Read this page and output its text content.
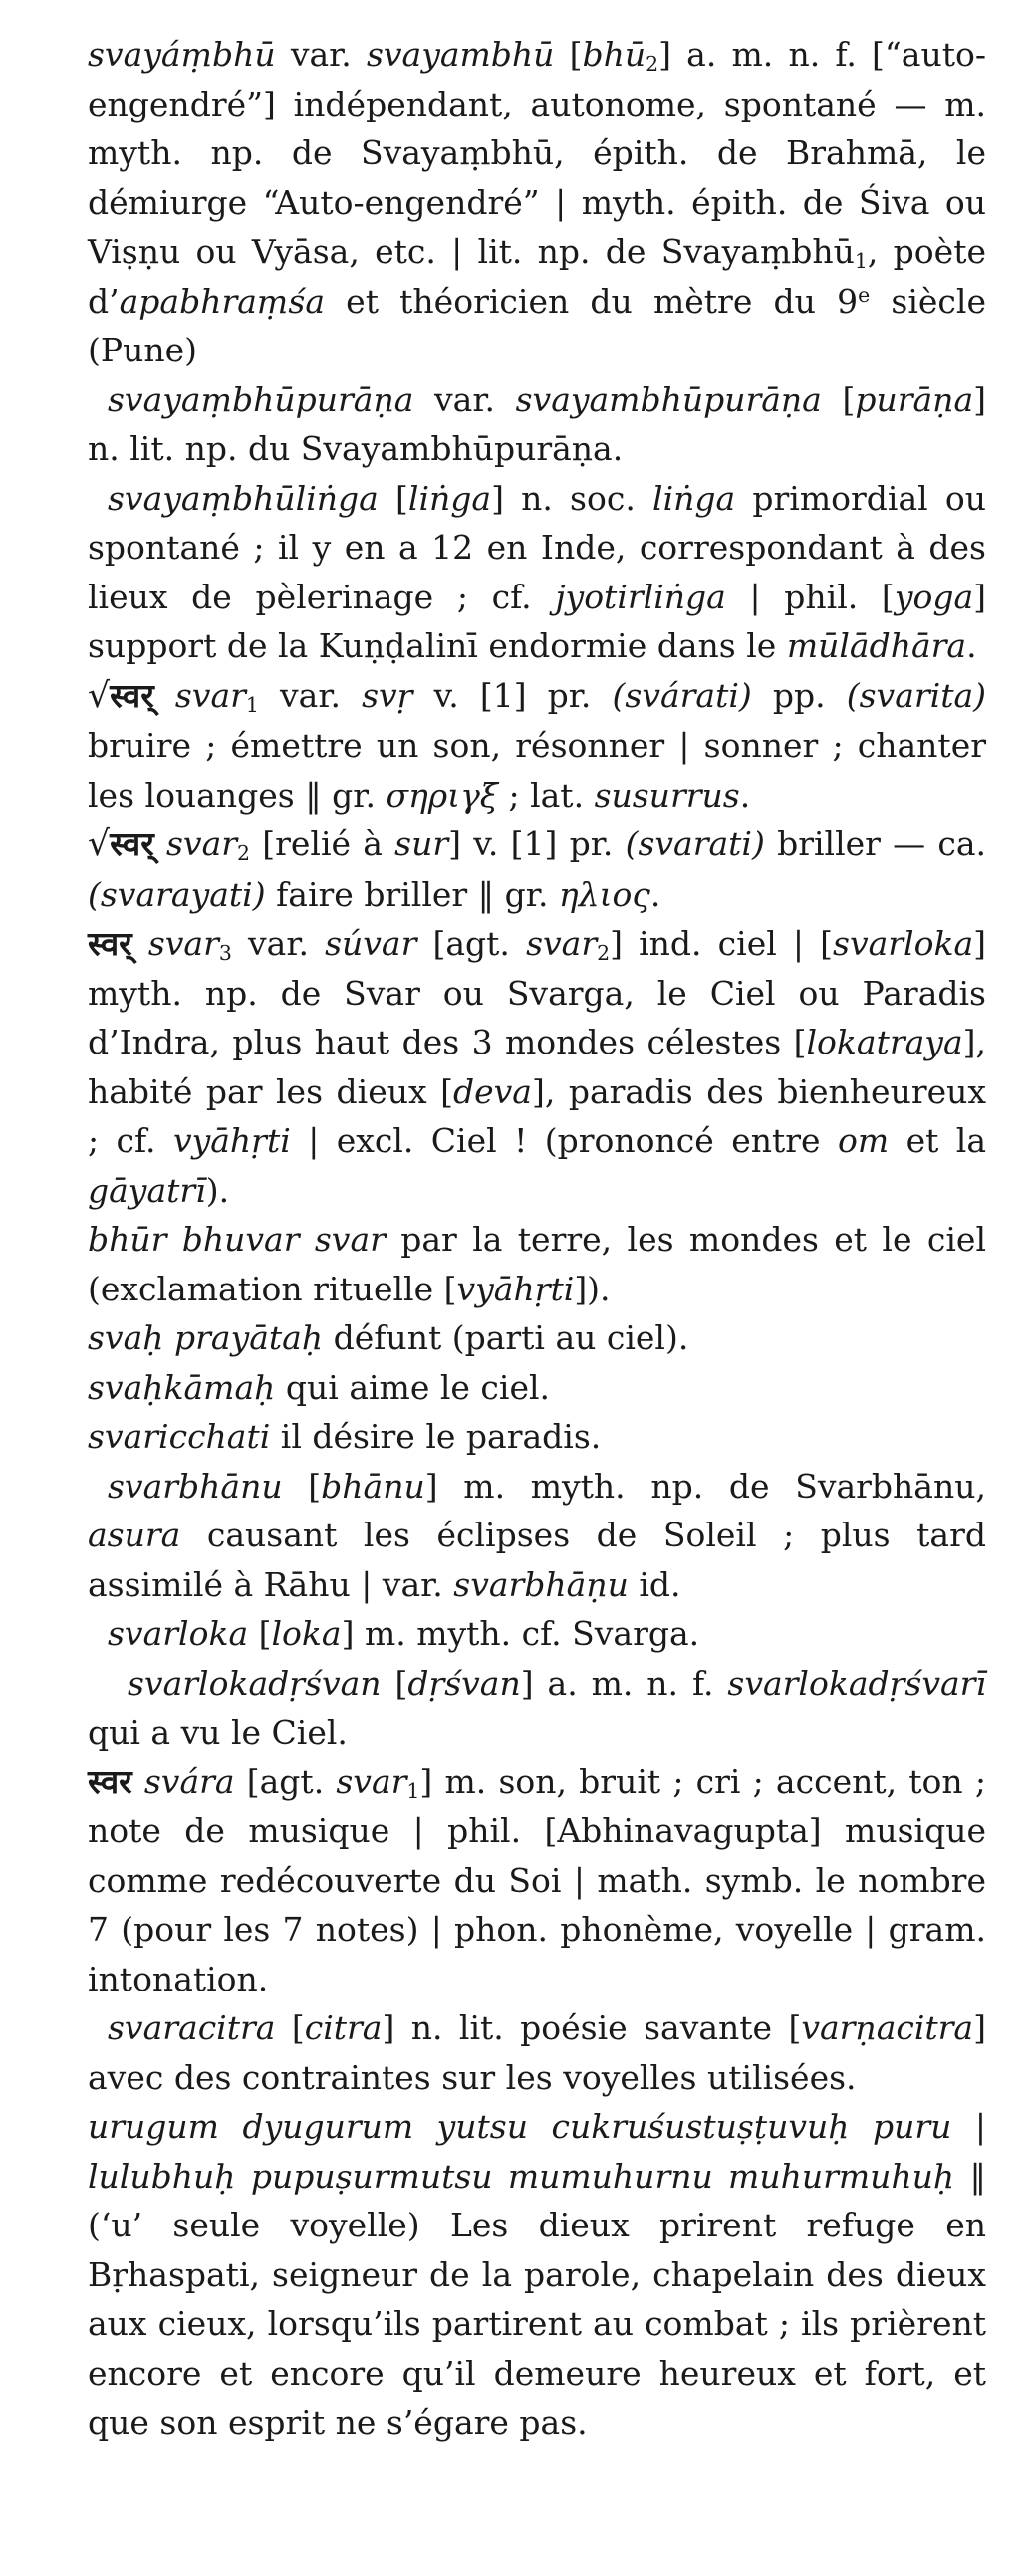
svayáṃbhū var. svayambhū [bhū$_2$] a. m. n. f. [“auto-engendré”] indépendant, autonome, spontané — m. myth. np. de Svayaṃbhū, épith. de Brahmā, le démiurge “Auto-engendré” | myth. épith. de Śiva ou Viṣṇu ou Vyāsa, etc. | lit. np. de Svayaṃbhū$_1$, poète d’apabhraṃśa et théoricien du mètre du 9e siècle (Pune)

svayaṃbhūpurāṇa var. svayambhūpurāṇa [purāṇa] n. lit. np. du Svayambhūpurāṇa.

svayaṃbhūliṅga [liṅga] n. soc. liṅga primordial ou spontané ; il y en a 12 en Inde, correspondant à des lieux de pèlerinage ; cf. jyotirliṅga | phil. [yoga] support de la Kuṇḍalinī endormie dans le mūlādhāra.

√स्वर् svar$_1$ var. svṛ v. [1] pr. (svárati) pp. (svarita) bruire ; émettre un son, résonner | sonner ; chanter les louanges ‖ gr. σηριγξ ; lat. susurrus.

√स्वर् svar$_2$ [relié à sur] v. [1] pr. (svarati) briller — ca. (svarayati) faire briller ‖ gr. ηλιος.

स्वर् svar$_3$ var. súvar [agt. svar$_2$] ind. ciel | [svarloka] myth. np. de Svar ou Svarga, le Ciel ou Paradis d’Indra, plus haut des 3 mondes célestes [lokatraya], habité par les dieux [deva], paradis des bienheureux ; cf. vyāhṛti | excl. Ciel ! (prononcé entre om et la gāyatrī).

bhūr bhuvar svar par la terre, les mondes et le ciel (exclamation rituelle [vyāhṛti]).

svaḥ prayātaḥ défunt (parti au ciel).

svaḥkāmaḥ qui aime le ciel.

svaricchati il désire le paradis.

svarbhānu [bhānu] m. myth. np. de Svarbhānu, asura causant les éclipses de Soleil ; plus tard assimilé à Rāhu | var. svarbhāṇu id.

svarloka [loka] m. myth. cf. Svarga.

svarlokadṛśvan [dṛśvan] a. m. n. f. svarlokadṛśvarī qui a vu le Ciel.

स्वर svára [agt. svar$_1$] m. son, bruit ; cri ; accent, ton ; note de musique | phil. [Abhinavagupta] musique comme redécouverte du Soi | math. symb. le nombre 7 (pour les 7 notes) | phon. phonème, voyelle | gram. intonation.

svaracitra [citra] n. lit. poésie savante [varṇacitra] avec des contraintes sur les voyelles utilisées.

urugum dyugurum yutsu cukruśustuṣṭuvuḥ puru | lulubhuḥ pupuṣurmutsu mumuhurnu muhurmuhuḥ ‖ (‘u’ seule voyelle) Les dieux prirent refuge en Bṛhaspati, seigneur de la parole, chapelain des dieux aux cieux, lorsqu’ils partirent au combat ; ils prièrent encore et encore qu’il demeure heureux et fort, et que son esprit ne s’égare pas.
